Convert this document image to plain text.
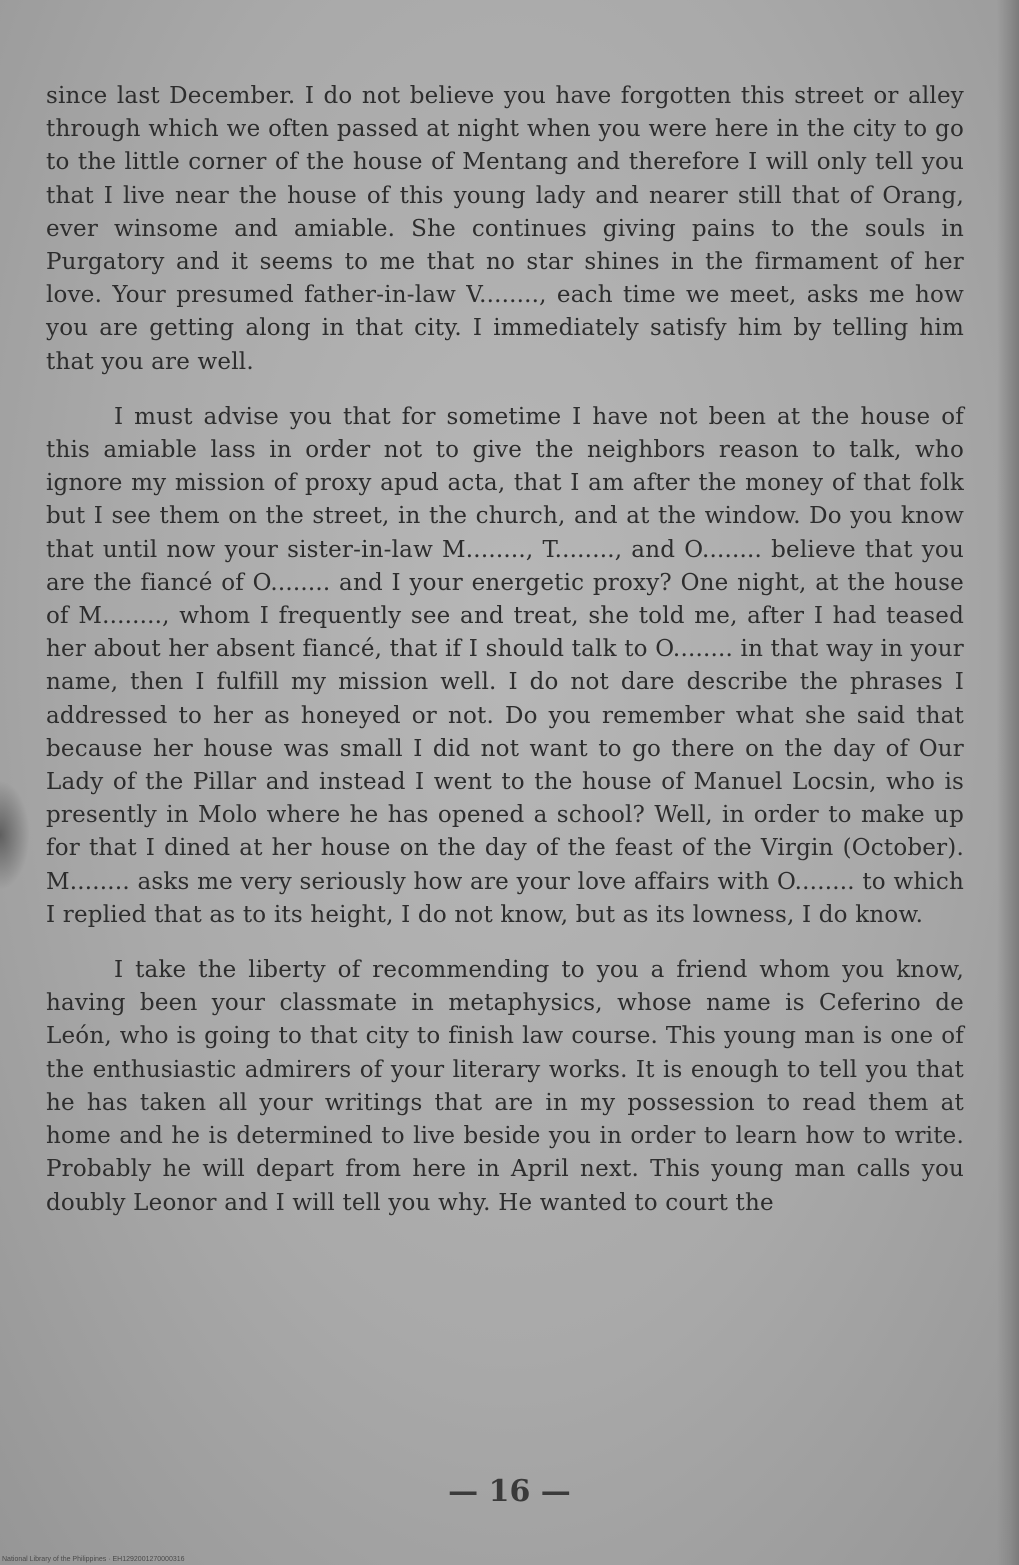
since last December. I do not believe you have forgotten this street or alley through which we often passed at night when you were here in the city to go to the little corner of the house of Mentang and therefore I will only tell you that I live near the house of this young lady and nearer still that of Orang, ever winsome and amiable. She continues giving pains to the souls in Purgatory and it seems to me that no star shines in the firmament of her love. Your presumed father-in-law V........, each time we meet, asks me how you are getting along in that city. I immediately satisfy him by telling him that you are well.

I must advise you that for sometime I have not been at the house of this amiable lass in order not to give the neighbors reason to talk, who ignore my mission of proxy apud acta, that I am after the money of that folk but I see them on the street, in the church, and at the window. Do you know that until now your sister-in-law M........, T........, and O........ believe that you are the fiancé of O........ and I your energetic proxy? One night, at the house of M........, whom I frequently see and treat, she told me, after I had teased her about her absent fiancé, that if I should talk to O........ in that way in your name, then I fulfill my mission well. I do not dare describe the phrases I addressed to her as honeyed or not. Do you remember what she said that because her house was small I did not want to go there on the day of Our Lady of the Pillar and instead I went to the house of Manuel Locsin, who is presently in Molo where he has opened a school? Well, in order to make up for that I dined at her house on the day of the feast of the Virgin (October). M........ asks me very seriously how are your love affairs with O........ to which I replied that as to its height, I do not know, but as its lowness, I do know.

I take the liberty of recommending to you a friend whom you know, having been your classmate in metaphysics, whose name is Ceferino de León, who is going to that city to finish law course. This young man is one of the enthusiastic admirers of your literary works. It is enough to tell you that he has taken all your writings that are in my possession to read them at home and he is determined to live beside you in order to learn how to write. Probably he will depart from here in April next. This young man calls you doubly Leonor and I will tell you why. He wanted to court the

— 16 —
National Library of the Philippines · EH1292001270000316
